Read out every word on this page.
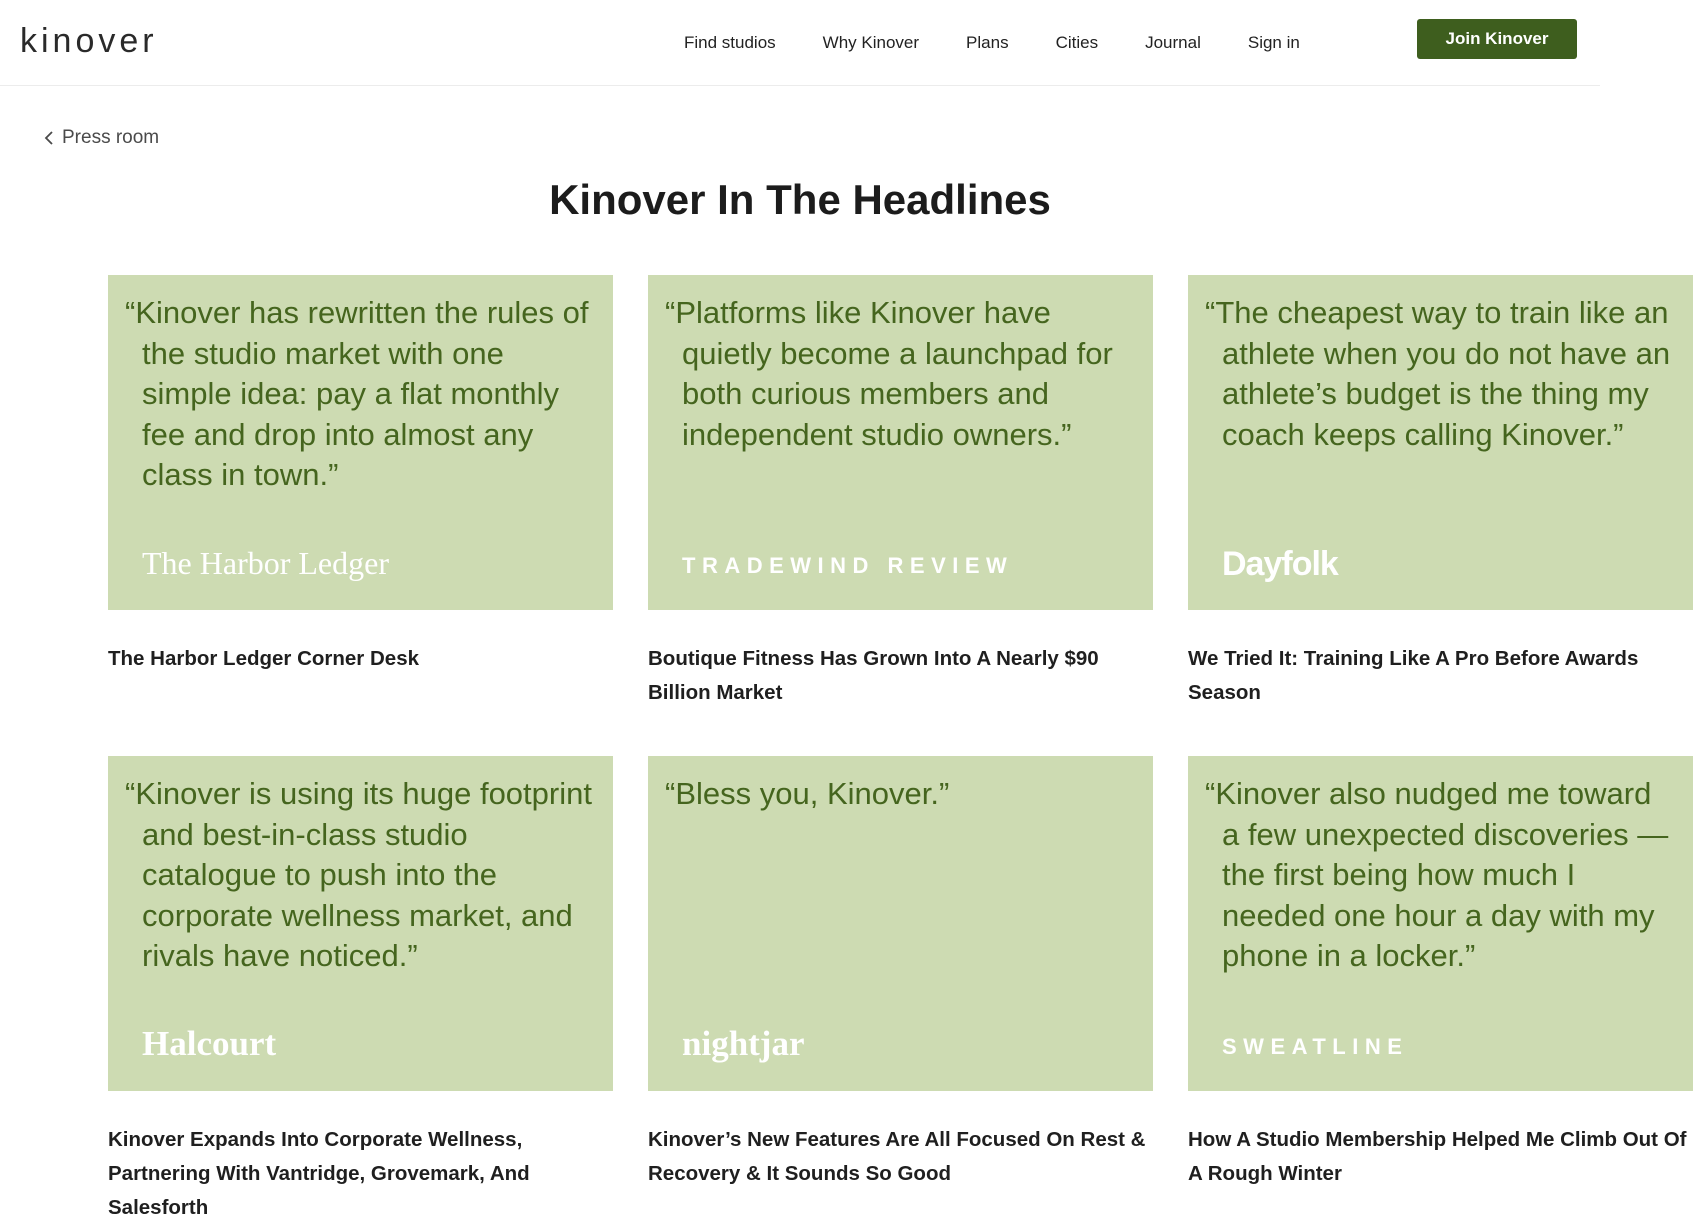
kinover	Find studios	Why Kinover	Plans	Cities	Journal	Sign in	Join Kinover
Press room
Kinover In The Headlines

“Kinover has rewritten the rules of the studio market with one simple idea: pay a flat monthly fee and drop into almost any class in town.”

The Harbor Ledger
The Harbor Ledger Corner Desk

“Platforms like Kinover have quietly become a launchpad for both curious members and independent studio owners.”

TRADEWIND REVIEW
Boutique Fitness Has Grown Into A Nearly $90 Billion Market

“The cheapest way to train like an athlete when you do not have an athlete’s budget is the thing my coach keeps calling Kinover.”

Dayfolk
We Tried It: Training Like A Pro Before Awards Season

“Kinover is using its huge footprint and best-in-class studio catalogue to push into the corporate wellness market, and rivals have noticed.”

Halcourt
Kinover Expands Into Corporate Wellness, Partnering With Vantridge, Grovemark, And Salesforth

“Bless you, Kinover.”

nightjar
Kinover’s New Features Are All Focused On Rest & Recovery & It Sounds So Good

“Kinover also nudged me toward a few unexpected discoveries — the first being how much I needed one hour a day with my phone in a locker.”

SWEATLINE
How A Studio Membership Helped Me Climb Out Of A Rough Winter
